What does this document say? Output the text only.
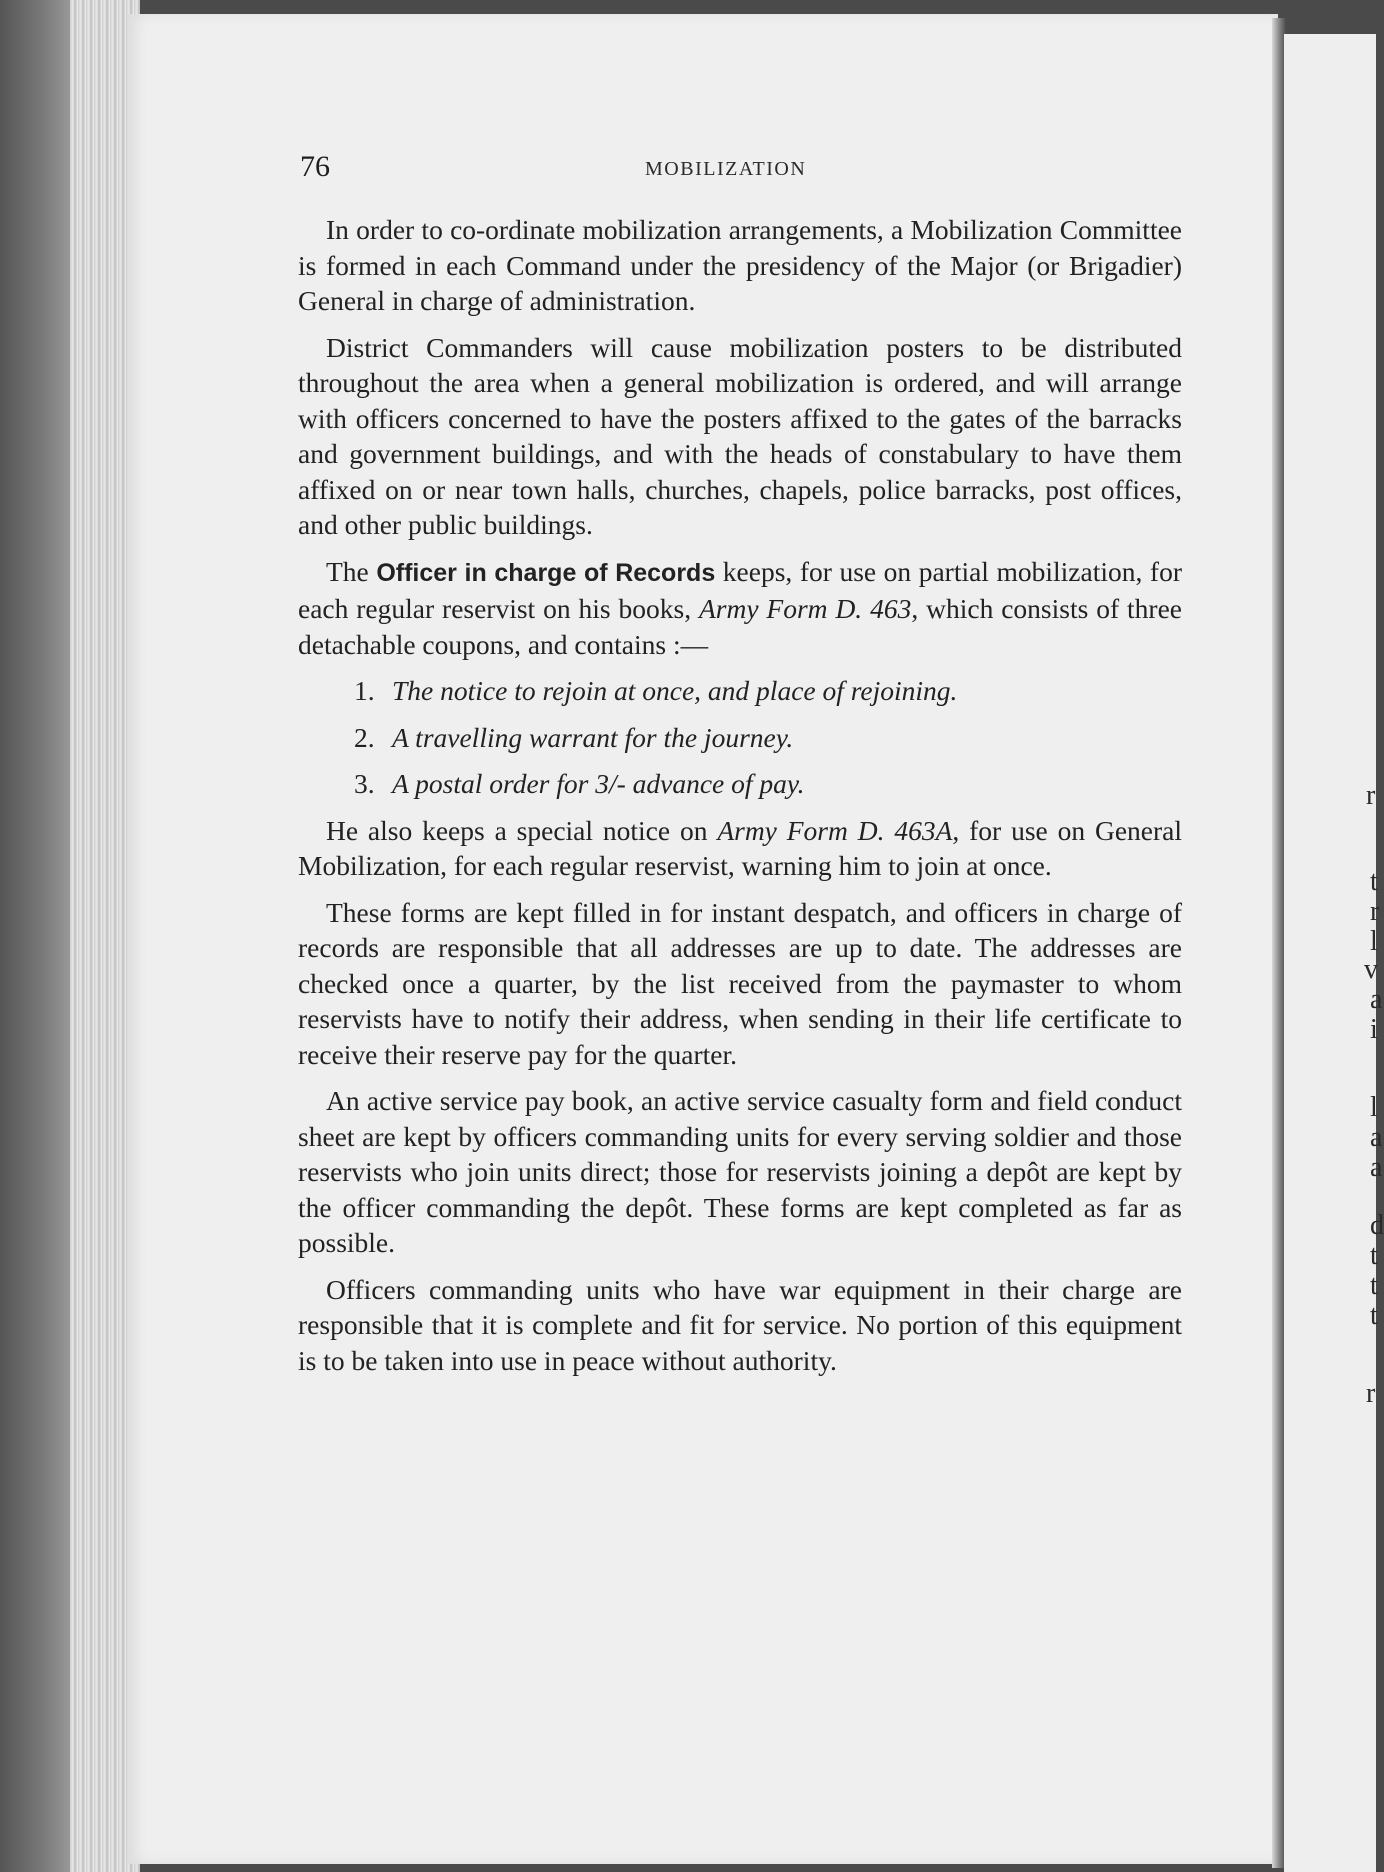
r
t
r
l
v
a
i
l
a
a
d
t
t
t
r
76	MOBILIZATION

In order to co-ordinate mobilization arrangements, a Mobilization Committee is formed in each Command under the presidency of the Major (or Brigadier) General in charge of administration.

District Commanders will cause mobilization posters to be distributed throughout the area when a general mobilization is ordered, and will arrange with officers concerned to have the posters affixed to the gates of the barracks and government buildings, and with the heads of constabulary to have them affixed on or near town halls, churches, chapels, police barracks, post offices, and other public buildings.

The Officer in charge of Records keeps, for use on partial mobilization, for each regular reservist on his books, Army Form D. 463, which consists of three detachable coupons, and contains :—

1. The notice to rejoin at once, and place of rejoining.
2. A travelling warrant for the journey.
3. A postal order for 3/- advance of pay.

He also keeps a special notice on Army Form D. 463A, for use on General Mobilization, for each regular reservist, warning him to join at once.

These forms are kept filled in for instant despatch, and officers in charge of records are responsible that all addresses are up to date. The addresses are checked once a quarter, by the list received from the paymaster to whom reservists have to notify their address, when sending in their life certificate to receive their reserve pay for the quarter.

An active service pay book, an active service casualty form and field conduct sheet are kept by officers commanding units for every serving soldier and those reservists who join units direct; those for reservists joining a depôt are kept by the officer commanding the depôt. These forms are kept completed as far as possible.

Officers commanding units who have war equipment in their charge are responsible that it is complete and fit for service. No portion of this equipment is to be taken into use in peace without authority.
